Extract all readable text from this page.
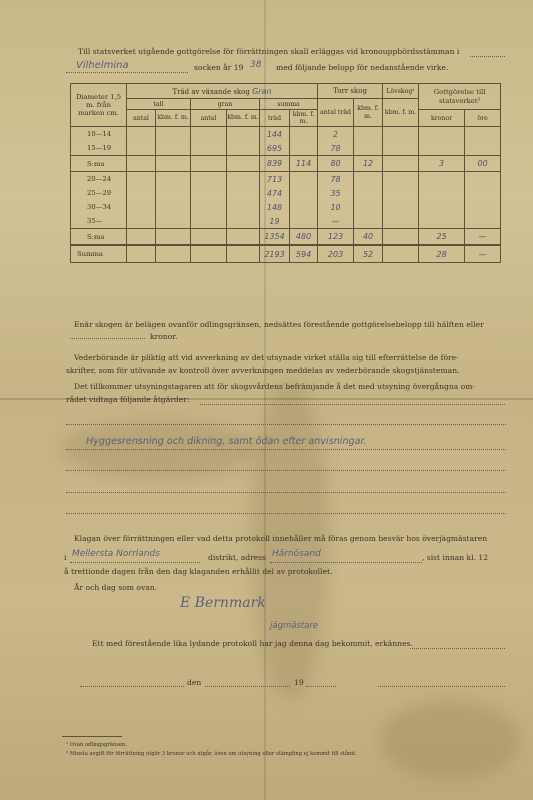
Till statsverket utgående gottgörelse för förrättningen skall erläggas vid kronouppbördsstämman i
Vilhelmina	socken år 19 38 med följande belopp för nedanstående virke.
Diameter 1,5 m. från marken cm.	Träd av växande skog Gran						Torr skog		Lövskog¹	Gottgörelse till statsverket²	
	tall		gran		summa		antal träd	kbm. f. m.	kbm. f. m.		
	antal	kbm. f. m.	antal	kbm. f. m.	träd	kbm. f. m.				kronor	öre
10—14					144		2				
15—19					695		78				
S:ma					839	114	80	12		3	00
20—24					713		78				
25—29					474		35				
30—34					148		10				
35—					19		—				
S:ma					1354	480	123	40		25	—
Summa					2193	594	203	52		28	—
Enär skogen är belägen ovanför odlingsgränsen, nedsättes förestående gottgörelsebelopp till hälften eller
kronor.
Vederbörande är pliktig att vid avverkning av det utsynade virket ställa sig till efterrättelse de före-
skrifter, som för utövande av kontroll över avverkningen meddelas av vederbörande skogstjänsteman.
Det tillkommer utsyningstagaren att för skogsvårdens befrämjande å det med utsyning övergångna om-
rådet vidtaga följande åtgärder:
Hyggesrensning och dikning, samt ödan efter anvisningar.
Klagan över förrättningen eller vad detta protokoll innehåller må föras genom besvär hos överjägmästaren
i Mellersta Norrlands	distrikt, adress Härnösand	, sist innan kl. 12
å trettionde dagen från den dag klaganden erhållit del av protokollet.
År och dag som ovan.
E Bernmark
jägmästare
Ett med förestående lika lydande protokoll har jag denna dag bekommit, erkännes.
den	19
¹ Ovan odlingsgränsen.
² Minsta avgift för förrättning utgör 3 kronor och utgår, även om utsyning eller stämpling ej kommit till stånd.
